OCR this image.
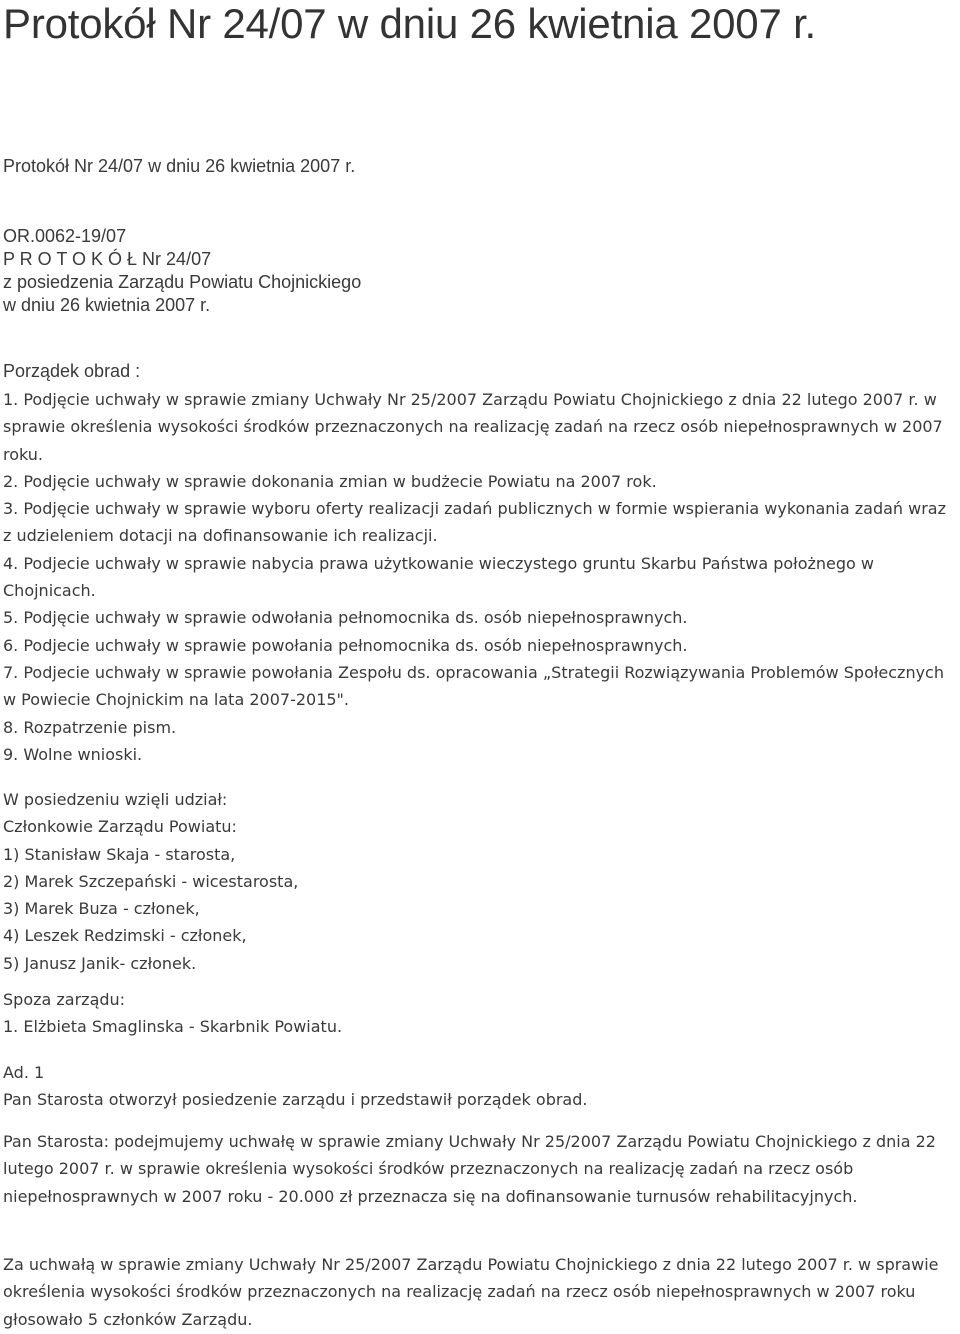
Protokół Nr 24/07 w dniu 26 kwietnia 2007 r.
Protokół Nr 24/07 w dniu 26 kwietnia 2007 r.
OR.0062-19/07
P R O T O K Ó Ł Nr 24/07
z posiedzenia Zarządu Powiatu Chojnickiego
w dniu 26 kwietnia 2007 r.
Porządek obrad :
1. Podjęcie uchwały w sprawie zmiany Uchwały Nr 25/2007 Zarządu Powiatu Chojnickiego z dnia 22 lutego 2007 r. w sprawie określenia wysokości środków przeznaczonych na realizację zadań na rzecz osób niepełnosprawnych w 2007 roku.
2. Podjęcie uchwały w sprawie dokonania zmian w budżecie Powiatu na 2007 rok.
3. Podjęcie uchwały w sprawie wyboru oferty realizacji zadań publicznych w formie wspierania wykonania zadań wraz z udzieleniem dotacji na dofinansowanie ich realizacji.
4. Podjecie uchwały w sprawie nabycia prawa użytkowanie wieczystego gruntu Skarbu Państwa położnego w Chojnicach.
5. Podjęcie uchwały w sprawie odwołania pełnomocnika ds. osób niepełnosprawnych.
6. Podjecie uchwały w sprawie powołania pełnomocnika ds. osób niepełnosprawnych.
7. Podjecie uchwały w sprawie powołania Zespołu ds. opracowania „Strategii Rozwiązywania Problemów Społecznych w Powiecie Chojnickim na lata 2007-2015".
8. Rozpatrzenie pism.
9. Wolne wnioski.
W posiedzeniu wzięli udział:
Członkowie Zarządu Powiatu:
1) Stanisław Skaja - starosta,
2) Marek Szczepański - wicestarosta,
3) Marek Buza - członek,
4) Leszek Redzimski - członek,
5) Janusz Janik- członek.
Spoza zarządu:
1. Elżbieta Smaglinska - Skarbnik Powiatu.
Ad. 1
Pan Starosta otworzył posiedzenie zarządu i przedstawił porządek obrad.
Pan Starosta: podejmujemy uchwałę w sprawie zmiany Uchwały Nr 25/2007 Zarządu Powiatu Chojnickiego z dnia 22 lutego 2007 r. w sprawie określenia wysokości środków przeznaczonych na realizację zadań na rzecz osób niepełnosprawnych w 2007 roku - 20.000 zł przeznacza się na dofinansowanie turnusów rehabilitacyjnych.
Za uchwałą w sprawie zmiany Uchwały Nr 25/2007 Zarządu Powiatu Chojnickiego z dnia 22 lutego 2007 r. w sprawie określenia wysokości środków przeznaczonych na realizację zadań na rzecz osób niepełnosprawnych w 2007 roku głosowało 5 członków Zarządu.
